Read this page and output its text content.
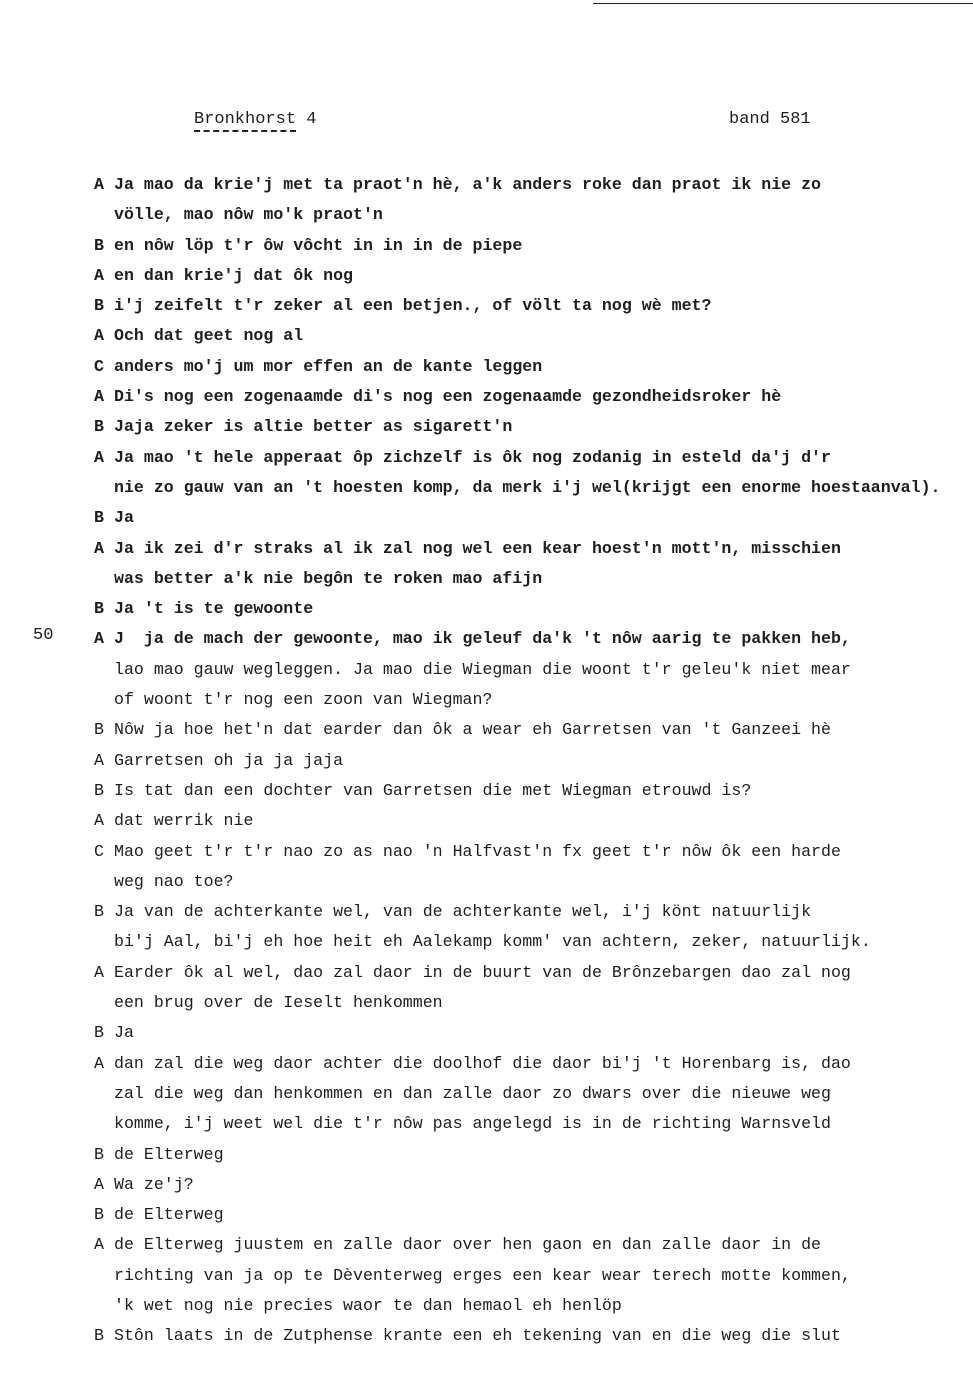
Bronkhorst 4	band 581
50
A Ja mao da krie'j met ta praot'n hè, a'k anders roke dan praot ik nie zo
völle, mao nôw mo'k praot'n
B en nôw löp t'r ôw vôcht in in in de piepe
A en dan krie'j dat ôk nog
B i'j zeifelt t'r zeker al een betjen., of völt ta nog wè met?
A Och dat geet nog al
C anders mo'j um mor effen an de kante leggen
A Di's nog een zogenaamde di's nog een zogenaamde gezondheidsroker hè
B Jaja zeker is altie better as sigarett'n
A Ja mao 't hele apperaat ôp zichzelf is ôk nog zodanig in esteld da'j d'r
nie zo gauw van an 't hoesten komp, da merk i'j wel(krijgt een enorme hoestaanval).
B Ja
A Ja ik zei d'r straks al ik zal nog wel een kear hoest'n mott'n, misschien
was better a'k nie begôn te roken mao afijn
B Ja 't is te gewoonte
A J  ja de mach der gewoonte, mao ik geleuf da'k 't nôw aarig te pakken heb,
lao mao gauw wegleggen. Ja mao die Wiegman die woont t'r geleu'k niet mear
of woont t'r nog een zoon van Wiegman?
B Nôw ja hoe het'n dat earder dan ôk a wear eh Garretsen van 't Ganzeei hè
A Garretsen oh ja ja jaja
B Is tat dan een dochter van Garretsen die met Wiegman etrouwd is?
A dat werrik nie
C Mao geet t'r t'r nao zo as nao 'n Halfvast'n fx geet t'r nôw ôk een harde
weg nao toe?
B Ja van de achterkante wel, van de achterkante wel, i'j könt natuurlijk
bi'j Aal, bi'j eh hoe heit eh Aalekamp komm' van achtern, zeker, natuurlijk.
A Earder ôk al wel, dao zal daor in de buurt van de Brônzebargen dao zal nog
een brug over de Ieselt henkommen
B Ja
A dan zal die weg daor achter die doolhof die daor bi'j 't Horenbarg is, dao
zal die weg dan henkommen en dan zalle daor zo dwars over die nieuwe weg
komme, i'j weet wel die t'r nôw pas angelegd is in de richting Warnsveld
B de Elterweg
A Wa ze'j?
B de Elterweg
A de Elterweg juustem en zalle daor over hen gaon en dan zalle daor in de
richting van ja op te Dèventerweg erges een kear wear terech motte kommen,
'k wet nog nie precies waor te dan hemaol eh henlöp
B Stôn laats in de Zutphense krante een eh tekening van en die weg die slut
